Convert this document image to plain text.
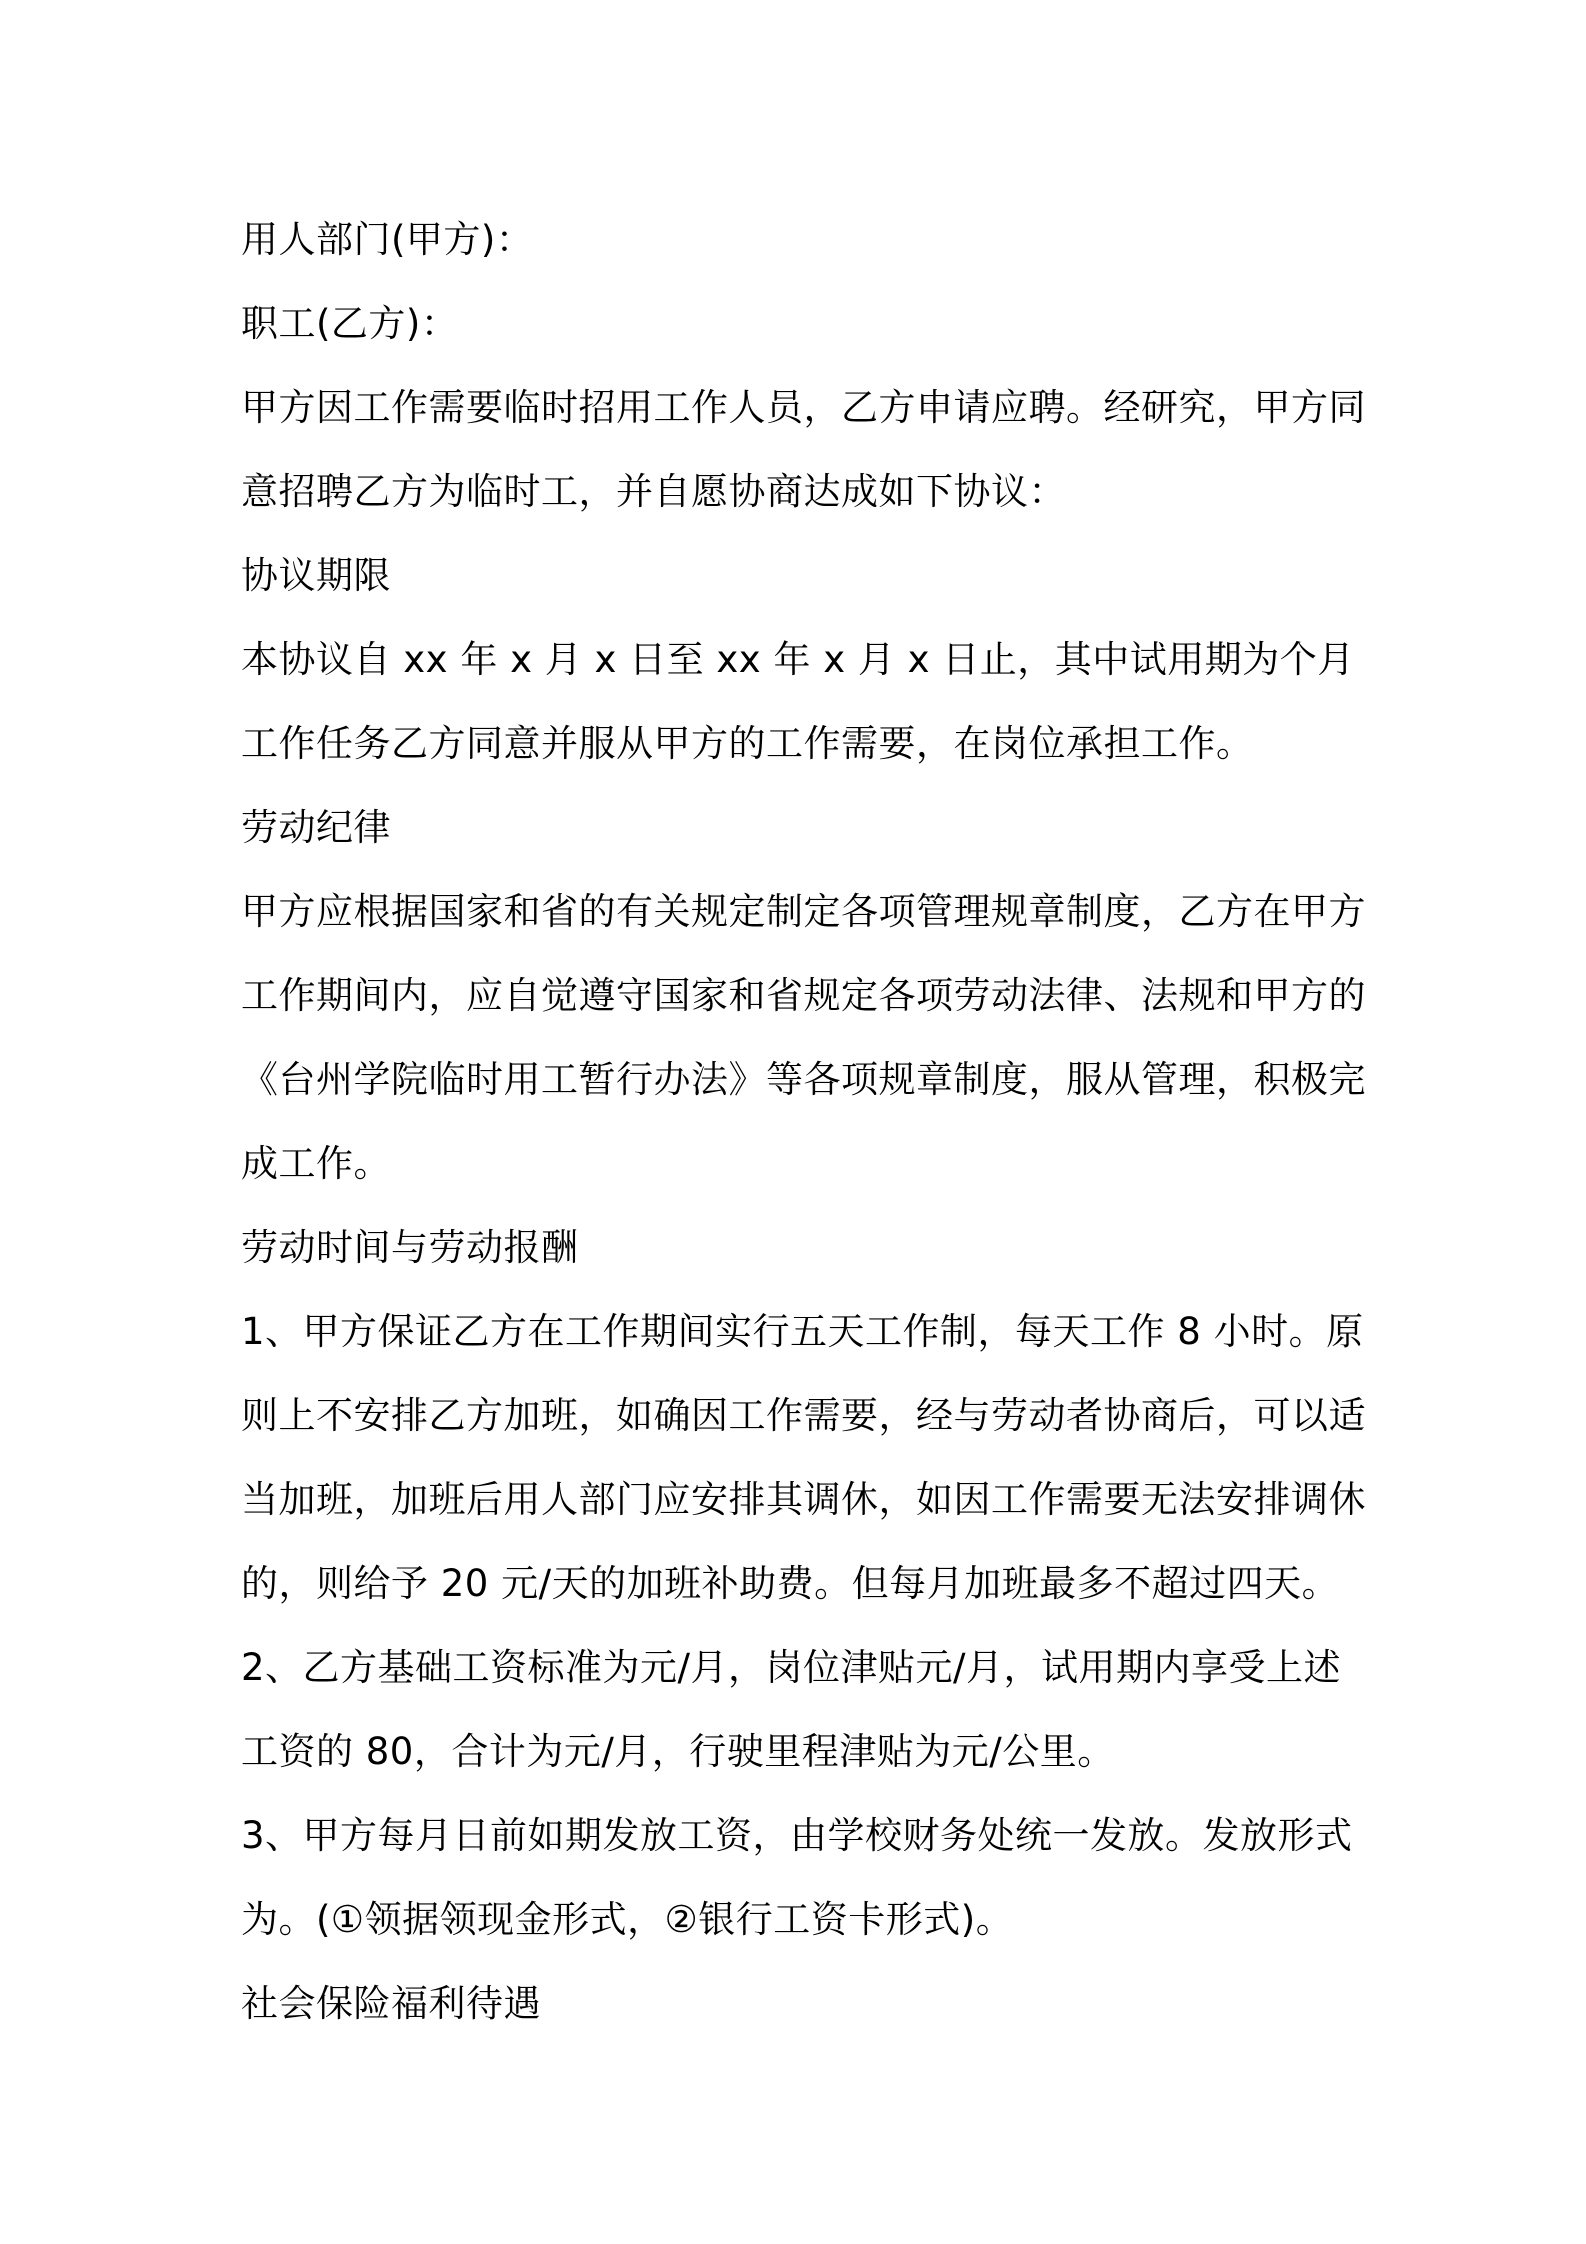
用人部门(甲方)：
职工(乙方)：
甲方因工作需要临时招用工作人员，乙方申请应聘。经研究，甲方同
意招聘乙方为临时工，并自愿协商达成如下协议：
协议期限
本协议自 xx 年 x 月 x 日至 xx 年 x 月 x 日止，其中试用期为个月
工作任务乙方同意并服从甲方的工作需要，在岗位承担工作。
劳动纪律
甲方应根据国家和省的有关规定制定各项管理规章制度，乙方在甲方
工作期间内，应自觉遵守国家和省规定各项劳动法律、法规和甲方的
《台州学院临时用工暂行办法》等各项规章制度，服从管理，积极完
成工作。
劳动时间与劳动报酬
1、甲方保证乙方在工作期间实行五天工作制，每天工作 8 小时。原
则上不安排乙方加班，如确因工作需要，经与劳动者协商后，可以适
当加班，加班后用人部门应安排其调休，如因工作需要无法安排调休
的，则给予 20 元/天的加班补助费。但每月加班最多不超过四天。
2、乙方基础工资标准为元/月，岗位津贴元/月，试用期内享受上述
工资的 80，合计为元/月，行驶里程津贴为元/公里。
3、甲方每月日前如期发放工资，由学校财务处统一发放。发放形式
为。(①领据领现金形式，②银行工资卡形式)。
社会保险福利待遇
